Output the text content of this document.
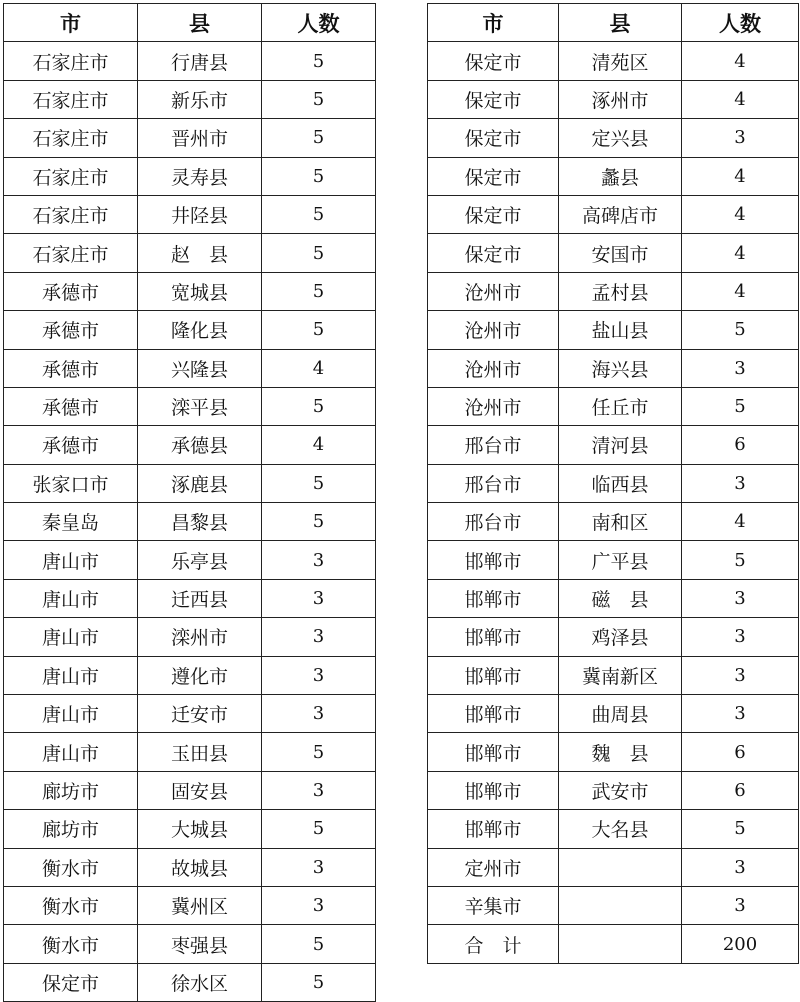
市	县	人数
石家庄市	行唐县	5
石家庄市	新乐市	5
石家庄市	晋州市	5
石家庄市	灵寿县	5
石家庄市	井陉县	5
石家庄市	赵　县	5
承德市	宽城县	5
承德市	隆化县	5
承德市	兴隆县	4
承德市	滦平县	5
承德市	承德县	4
张家口市	涿鹿县	5
秦皇岛	昌黎县	5
唐山市	乐亭县	3
唐山市	迁西县	3
唐山市	滦州市	3
唐山市	遵化市	3
唐山市	迁安市	3
唐山市	玉田县	5
廊坊市	固安县	3
廊坊市	大城县	5
衡水市	故城县	3
衡水市	冀州区	3
衡水市	枣强县	5
保定市	徐水区	5
市	县	人数
保定市	清苑区	4
保定市	涿州市	4
保定市	定兴县	3
保定市	蠡县	4
保定市	高碑店市	4
保定市	安国市	4
沧州市	孟村县	4
沧州市	盐山县	5
沧州市	海兴县	3
沧州市	任丘市	5
邢台市	清河县	6
邢台市	临西县	3
邢台市	南和区	4
邯郸市	广平县	5
邯郸市	磁　县	3
邯郸市	鸡泽县	3
邯郸市	冀南新区	3
邯郸市	曲周县	3
邯郸市	魏　县	6
邯郸市	武安市	6
邯郸市	大名县	5
定州市		3
辛集市		3
合　计		200
